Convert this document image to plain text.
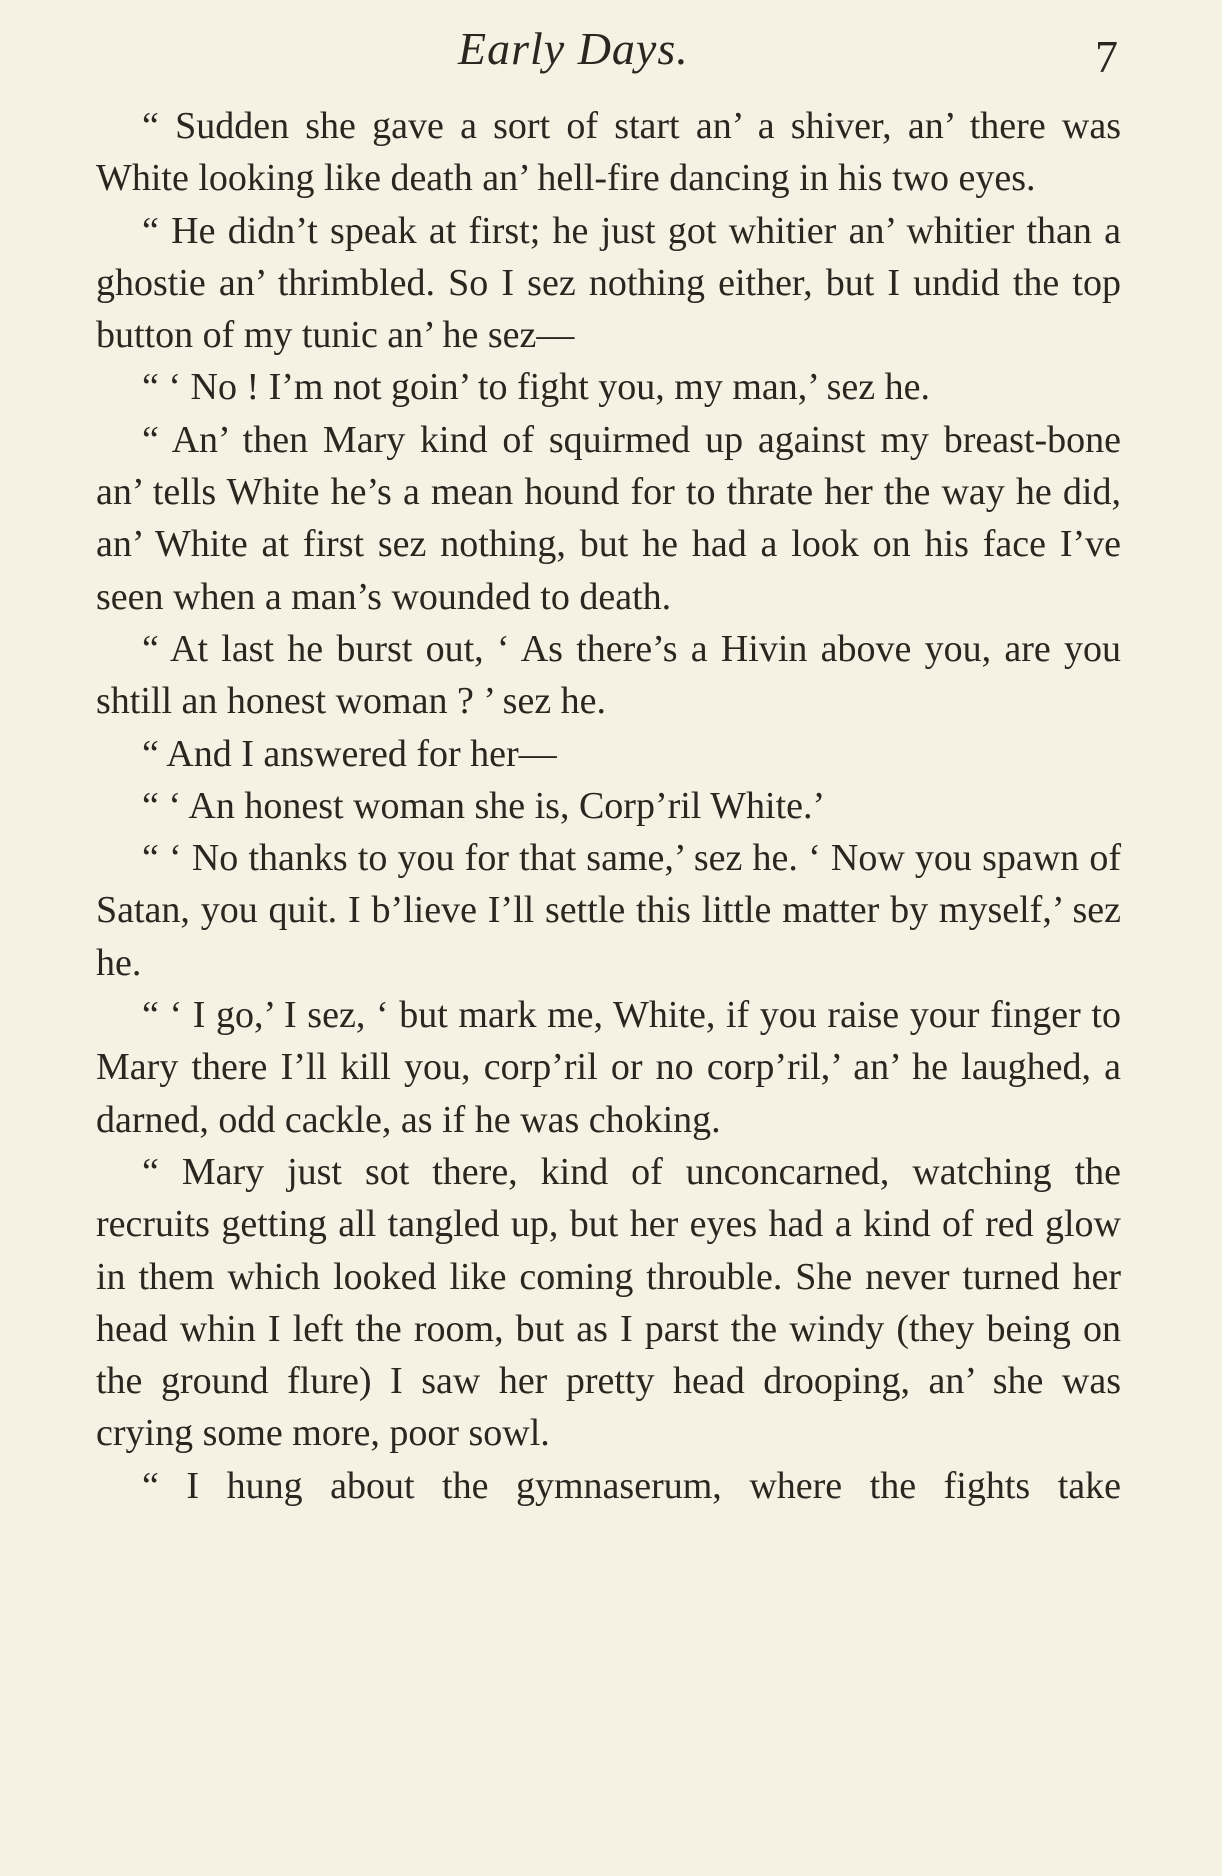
Early Days.	7

“ Sudden she gave a sort of start an’ a shiver, an’ there was White looking like death an’ hell-fire dancing in his two eyes.

“ He didn’t speak at first; he just got whitier an’ whitier than a ghostie an’ thrimbled. So I sez nothing either, but I undid the top button of my tunic an’ he sez—

“ ‘ No ! I’m not goin’ to fight you, my man,’ sez he.

“ An’ then Mary kind of squirmed up against my breast-bone an’ tells White he’s a mean hound for to thrate her the way he did, an’ White at first sez nothing, but he had a look on his face I’ve seen when a man’s wounded to death.

“ At last he burst out, ‘ As there’s a Hivin above you, are you shtill an honest woman ? ’ sez he.

“ And I answered for her—

“ ‘ An honest woman she is, Corp’ril White.’

“ ‘ No thanks to you for that same,’ sez he. ‘ Now you spawn of Satan, you quit. I b’lieve I’ll settle this little matter by myself,’ sez he.

“ ‘ I go,’ I sez, ‘ but mark me, White, if you raise your finger to Mary there I’ll kill you, corp’ril or no corp’ril,’ an’ he laughed, a darned, odd cackle, as if he was choking.

“ Mary just sot there, kind of unconcarned, watching the recruits getting all tangled up, but her eyes had a kind of red glow in them which looked like coming throuble. She never turned her head whin I left the room, but as I parst the windy (they being on the ground flure) I saw her pretty head drooping, an’ she was crying some more, poor sowl.

“ I hung about the gymnaserum, where the fights take
